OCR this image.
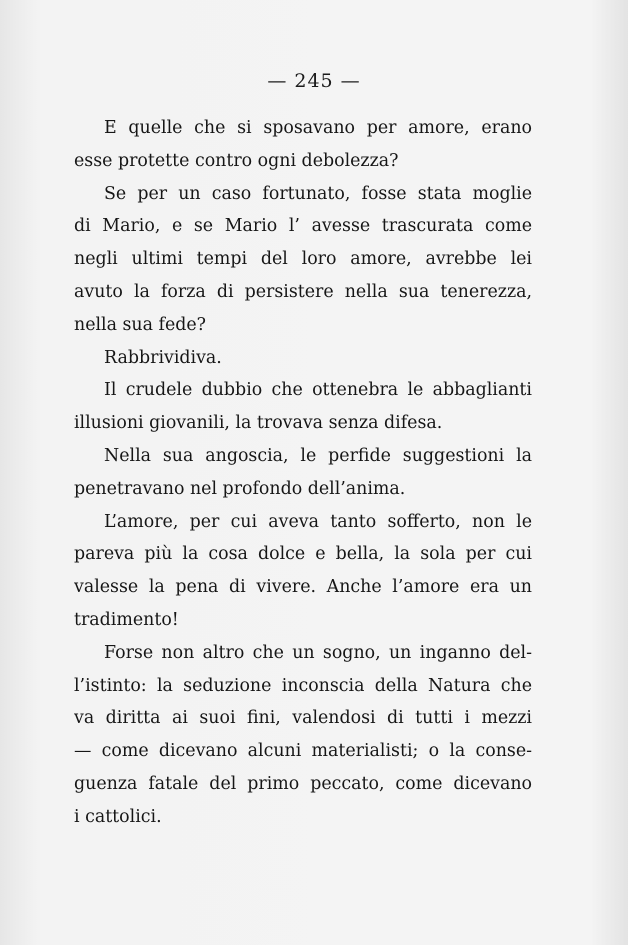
— 245 —
E quelle che si sposavano per amore, erano
esse protette contro ogni debolezza?
Se per un caso fortunato, fosse stata moglie
di Mario, e se Mario l’ avesse trascurata come
negli ultimi tempi del loro amore, avrebbe lei
avuto la forza di persistere nella sua tenerezza,
nella sua fede?
Rabbrividiva.
Il crudele dubbio che ottenebra le abbaglianti
illusioni giovanili, la trovava senza difesa.
Nella sua angoscia, le perfide suggestioni la
penetravano nel profondo dell’anima.
L’amore, per cui aveva tanto sofferto, non le
pareva più la cosa dolce e bella, la sola per cui
valesse la pena di vivere. Anche l’amore era un
tradimento!
Forse non altro che un sogno, un inganno del-
l’istinto: la seduzione inconscia della Natura che
va diritta ai suoi fini, valendosi di tutti i mezzi
— come dicevano alcuni materialisti; o la conse-
guenza fatale del primo peccato, come dicevano
i cattolici.
